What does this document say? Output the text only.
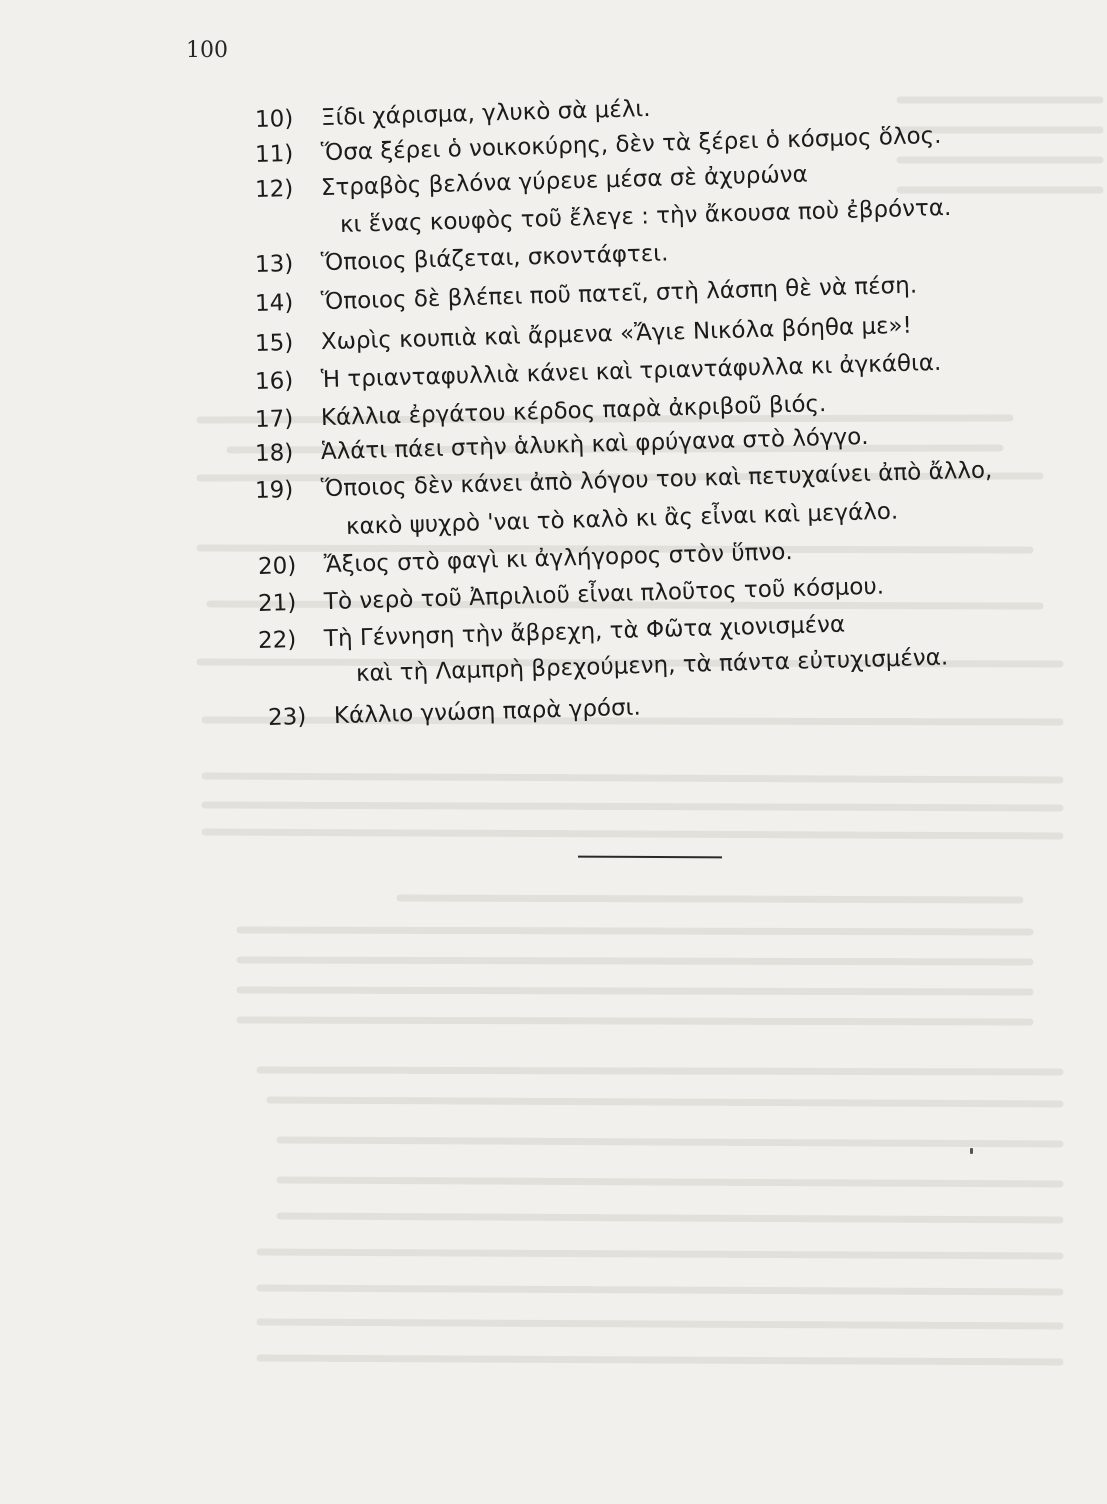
100
10) Ξίδι χάρισμα, γλυκὸ σὰ μέλι.
11) Ὅσα ξέρει ὁ νοικοκύρης, δὲν τὰ ξέρει ὁ κόσμος ὅλος.
12) Στραβὸς βελόνα γύρευε μέσα σὲ ἀχυρώνα
κι ἕνας κουφὸς τοῦ ἔλεγε : τὴν ἄκουσα ποὺ ἐβρόντα.
13) Ὅποιος βιάζεται, σκοντάφτει.
14) Ὅποιος δὲ βλέπει ποῦ πατεῖ, στὴ λάσπη θὲ νὰ πέση.
15) Χωρὶς κουπιὰ καὶ ἄρμενα «Ἄγιε Νικόλα βόηθα με»!
16) Ἡ τριανταφυλλιὰ κάνει καὶ τριαντάφυλλα κι ἀγκάθια.
17) Κάλλια ἐργάτου κέρδος παρὰ ἀκριβοῦ βιός.
18) Ἁλάτι πάει στὴν ἁλυκὴ καὶ φρύγανα στὸ λόγγο.
19) Ὅποιος δὲν κάνει ἀπὸ λόγου του καὶ πετυχαίνει ἀπὸ ἄλλο,
κακὸ ψυχρὸ 'ναι τὸ καλὸ κι ἂς εἶναι καὶ μεγάλο.
20) Ἄξιος στὸ φαγὶ κι ἀγλήγορος στὸν ὕπνο.
21) Τὸ νερὸ τοῦ Ἀπριλιοῦ εἶναι πλοῦτος τοῦ κόσμου.
22) Τὴ Γέννηση τὴν ἄβρεχη, τὰ Φῶτα χιονισμένα
καὶ τὴ Λαμπρὴ βρεχούμενη, τὰ πάντα εὐτυχισμένα.
23) Κάλλιο γνώση παρὰ γρόσι.
